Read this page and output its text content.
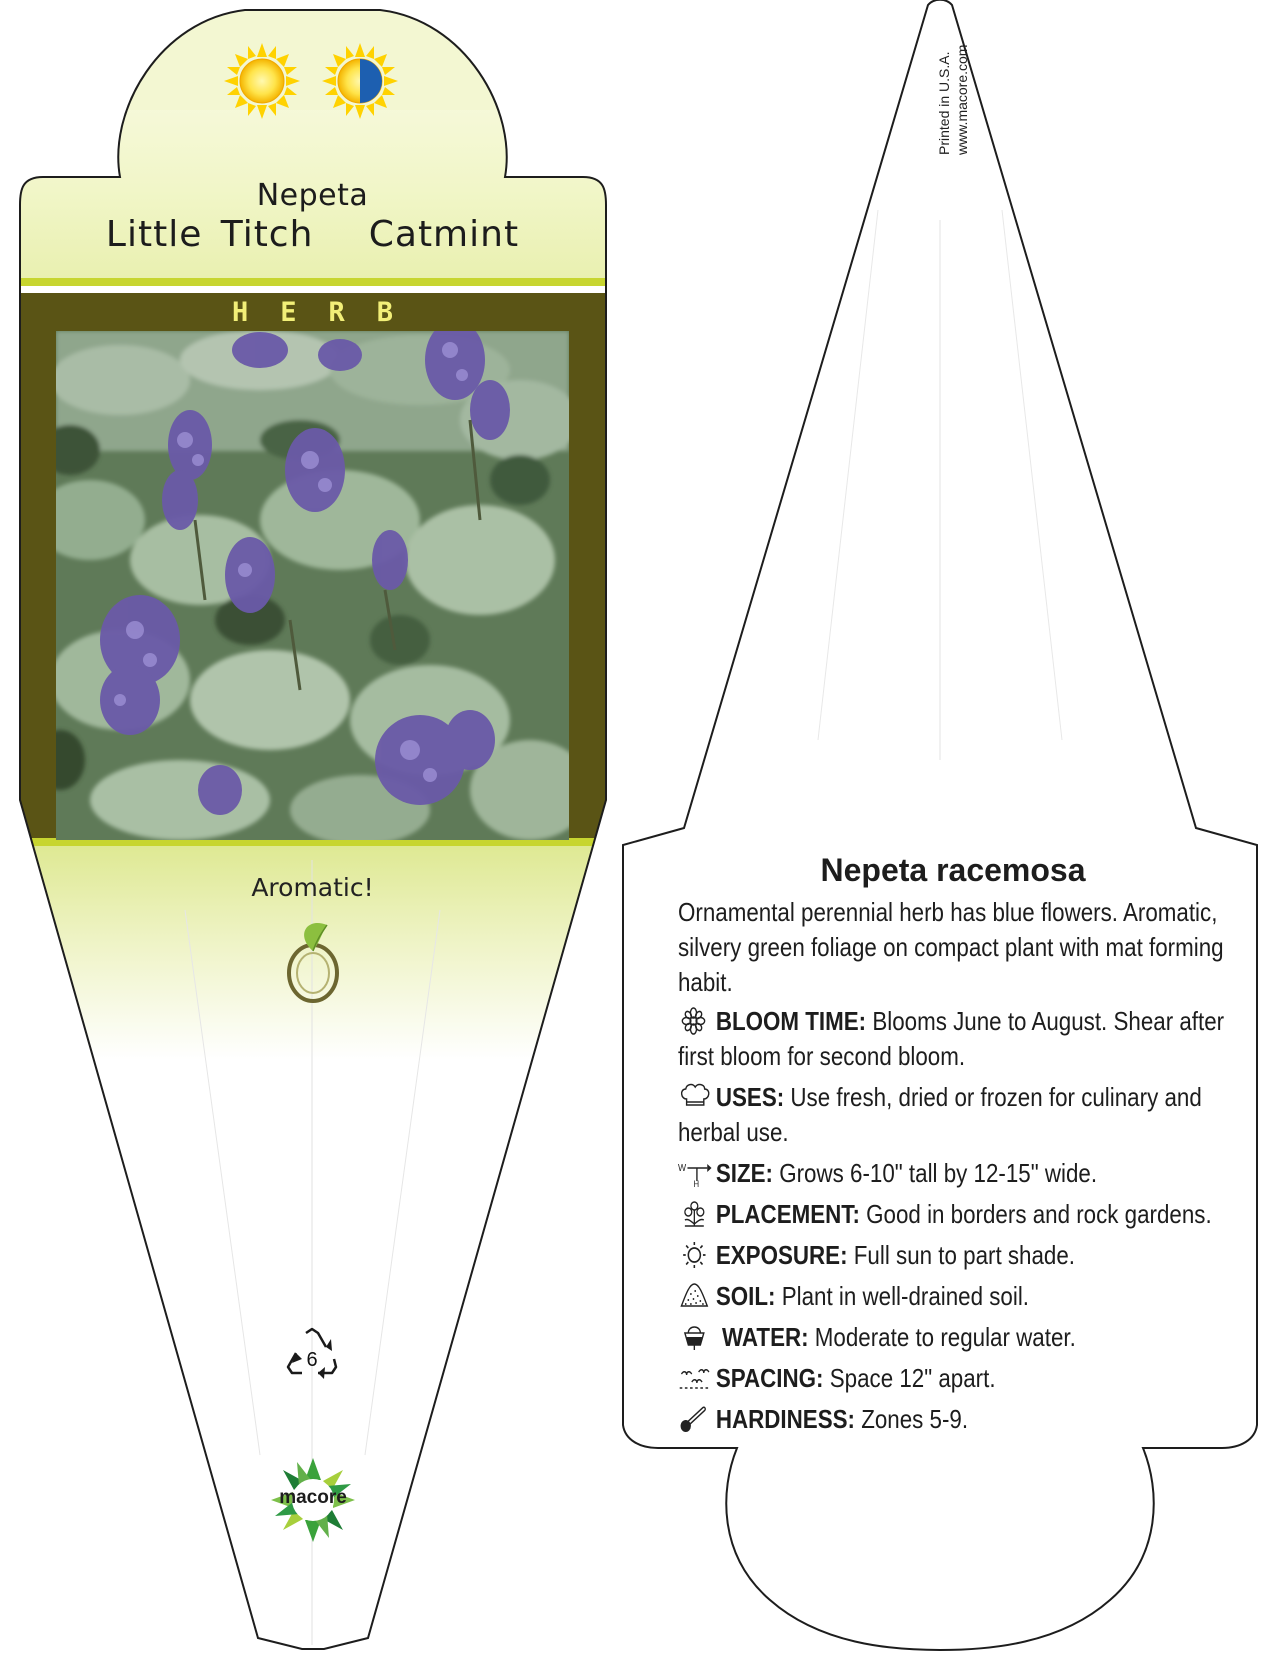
Nepeta
Little Titch   Catmint
HERB
Aromatic!
6
macore
Printed in U.S.A. www.macore.com
Nepeta racemosa
Ornamental perennial herb has blue flowers. Aromatic, silvery green foliage on compact plant with mat forming habit.
BLOOM TIME: Blooms June to August. Shear after first bloom for second bloom.
USES: Use fresh, dried or frozen for culinary and herbal use.
W
H SIZE: Grows 6-10" tall by 12-15" wide.
PLACEMENT: Good in borders and rock gardens.
EXPOSURE: Full sun to part shade.
SOIL: Plant in well-drained soil.
WATER: Moderate to regular water.
SPACING: Space 12" apart.
HARDINESS: Zones 5-9.
